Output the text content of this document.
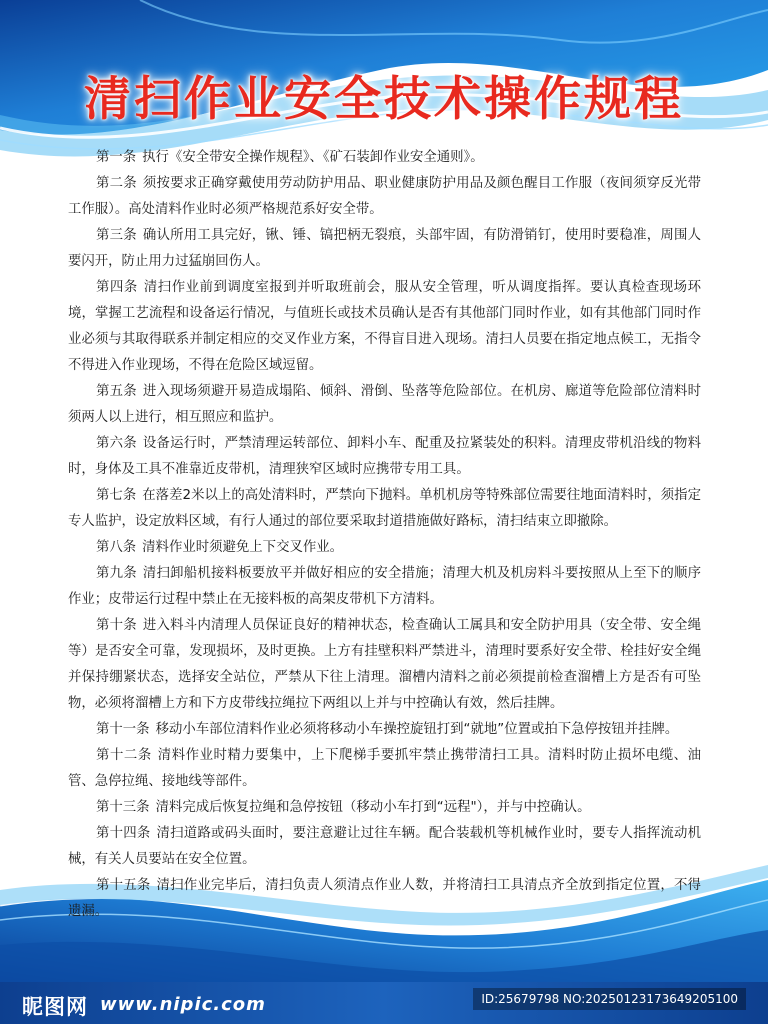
清扫作业安全技术操作规程
第一条 执行《安全带安全操作规程》、《矿石装卸作业安全通则》。
第二条 须按要求正确穿戴使用劳动防护用品、职业健康防护用品及颜色醒目工作服（夜间须穿反光带工作服）。高处清料作业时必须严格规范系好安全带。
第三条 确认所用工具完好，锹、锤、镐把柄无裂痕，头部牢固，有防滑销钉，使用时要稳准，周围人要闪开，防止用力过猛崩回伤人。
第四条 清扫作业前到调度室报到并听取班前会，服从安全管理，听从调度指挥。要认真检查现场环境，掌握工艺流程和设备运行情况，与值班长或技术员确认是否有其他部门同时作业，如有其他部门同时作业必须与其取得联系并制定相应的交叉作业方案，不得盲目进入现场。清扫人员要在指定地点候工，无指令不得进入作业现场，不得在危险区域逗留。
第五条 进入现场须避开易造成塌陷、倾斜、滑倒、坠落等危险部位。在机房、廊道等危险部位清料时须两人以上进行，相互照应和监护。
第六条 设备运行时，严禁清理运转部位、卸料小车、配重及拉紧装处的积料。清理皮带机沿线的物料时，身体及工具不准靠近皮带机，清理狭窄区域时应携带专用工具。
第七条 在落差2米以上的高处清料时，严禁向下抛料。单机机房等特殊部位需要往地面清料时，须指定专人监护，设定放料区域，有行人通过的部位要采取封道措施做好路标，清扫结束立即撤除。
第八条 清料作业时须避免上下交叉作业。
第九条 清扫卸船机接料板要放平并做好相应的安全措施；清理大机及机房料斗要按照从上至下的顺序作业；皮带运行过程中禁止在无接料板的高架皮带机下方清料。
第十条 进入料斗内清理人员保证良好的精神状态，检查确认工属具和安全防护用具（安全带、安全绳等）是否安全可靠，发现损坏，及时更换。上方有挂壁积料严禁进斗，清理时要系好安全带、栓挂好安全绳并保持绷紧状态，选择安全站位，严禁从下往上清理。溜槽内清料之前必须提前检查溜槽上方是否有可坠物，必须将溜槽上方和下方皮带线拉绳拉下两组以上并与中控确认有效，然后挂牌。
第十一条 移动小车部位清料作业必须将移动小车操控旋钮打到“就地”位置或拍下急停按钮并挂牌。
第十二条 清料作业时精力要集中，上下爬梯手要抓牢禁止携带清扫工具。清料时防止损坏电缆、油管、急停拉绳、接地线等部件。
第十三条 清料完成后恢复拉绳和急停按钮（移动小车打到“远程"），并与中控确认。
第十四条 清扫道路或码头面时，要注意避让过往车辆。配合装载机等机械作业时，要专人指挥流动机械，有关人员要站在安全位置。
第十五条 清扫作业完毕后，清扫负责人须清点作业人数，并将清扫工具清点齐全放到指定位置，不得遗漏。
昵图网 www.nipic.com	ID:25679798 NO:20250123173649205100
